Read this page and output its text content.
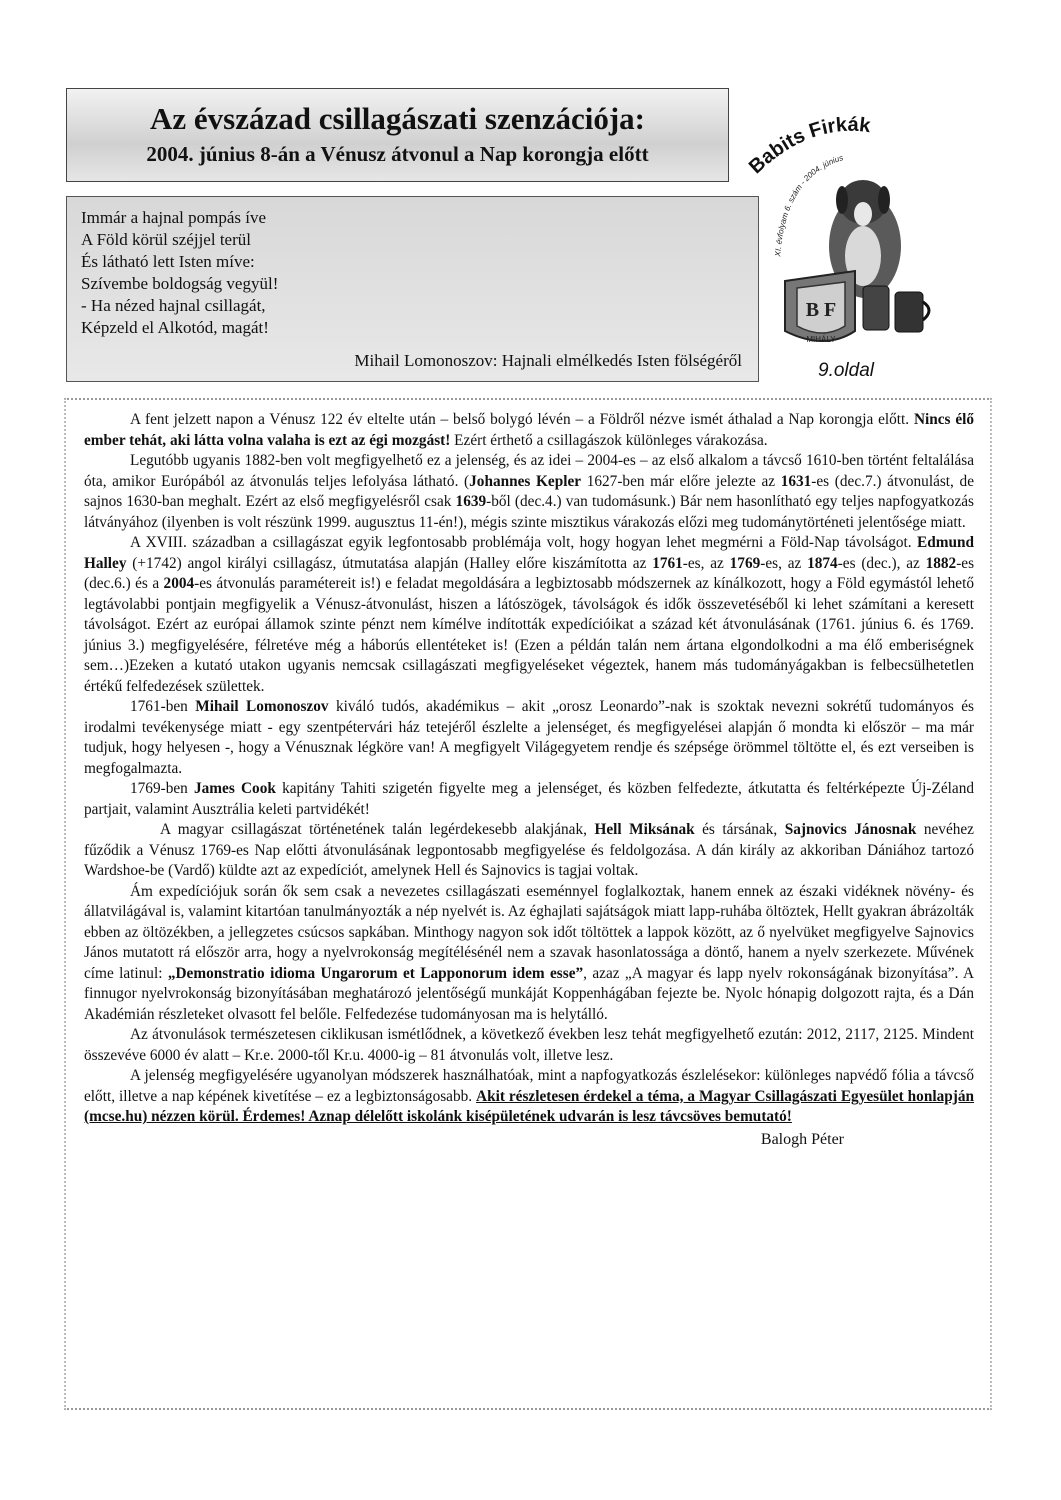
Az évszázad csillagászati szenzációja:
2004. június 8-án a Vénusz átvonul a Nap korongja előtt
Immár a hajnal pompás íve
A Föld körül széjjel terül
És látható lett Isten míve:
Szívembe boldogság vegyül!
- Ha nézed hajnal csillagát,
Képzeld el Alkotód, magát!
Mihail Lomonoszov: Hajnali elmélkedés Isten fölségéről
Babits Firkák
XI. évfolyam 6. szám - 2004. június
B F
MIHÁLY
9.oldal

A fent jelzett napon a Vénusz 122 év eltelte után – belső bolygó lévén – a Földről nézve ismét áthalad a Nap korongja előtt. Nincs élő ember tehát, aki látta volna valaha is ezt az égi mozgást! Ezért érthető a csillagászok különleges várakozása.

Legutóbb ugyanis 1882-ben volt megfigyelhető ez a jelenség, és az idei – 2004-es – az első alkalom a távcső 1610-ben történt feltalálása óta, amikor Európából az átvonulás teljes lefolyása látható. (Johannes Kepler 1627-ben már előre jelezte az 1631-es (dec.7.) átvonulást, de sajnos 1630-ban meghalt. Ezért az első megfigyelésről csak 1639-ből (dec.4.) van tudomásunk.) Bár nem hasonlítható egy teljes napfogyatkozás látványához (ilyenben is volt részünk 1999. augusztus 11-én!), mégis szinte misztikus várakozás előzi meg tudománytörténeti jelentősége miatt.

A XVIII. században a csillagászat egyik legfontosabb problémája volt, hogy hogyan lehet megmérni a Föld-Nap távolságot. Edmund Halley (+1742) angol királyi csillagász, útmutatása alapján (Halley előre kiszámította az 1761-es, az 1769-es, az 1874-es (dec.), az 1882-es (dec.6.) és a 2004-es átvonulás paramétereit is!) e feladat megoldására a legbiztosabb módszernek az kínálkozott, hogy a Föld egymástól lehető legtávolabbi pontjain megfigyelik a Vénusz-átvonulást, hiszen a látószögek, távolságok és idők összevetéséből ki lehet számítani a keresett távolságot. Ezért az európai államok szinte pénzt nem kímélve indították expedícióikat a század két átvonulásának (1761. június 6. és 1769. június 3.) megfigyelésére, félretéve még a háborús ellentéteket is! (Ezen a példán talán nem ártana elgondolkodni a ma élő emberiségnek sem…)Ezeken a kutató utakon ugyanis nemcsak csillagászati megfigyeléseket végeztek, hanem más tudományágakban is felbecsülhetetlen értékű felfedezések születtek.

1761-ben Mihail Lomonoszov kiváló tudós, akadémikus – akit „orosz Leonardo”-nak is szoktak nevezni sokrétű tudományos és irodalmi tevékenysége miatt - egy szentpétervári ház tetejéről észlelte a jelenséget, és megfigyelései alapján ő mondta ki először – ma már tudjuk, hogy helyesen -, hogy a Vénusznak légköre van! A megfigyelt Világegyetem rendje és szépsége örömmel töltötte el, és ezt verseiben is megfogalmazta.

1769-ben James Cook kapitány Tahiti szigetén figyelte meg a jelenséget, és közben felfedezte, átkutatta és feltérképezte Új-Zéland partjait, valamint Ausztrália keleti partvidékét!

A magyar csillagászat történetének talán legérdekesebb alakjának, Hell Miksának és társának, Sajnovics Jánosnak nevéhez fűződik a Vénusz 1769-es Nap előtti átvonulásának legpontosabb megfigyelése és feldolgozása. A dán király az akkoriban Dániához tartozó Wardshoe-be (Vardő) küldte azt az expedíciót, amelynek Hell és Sajnovics is tagjai voltak.

Ám expedíciójuk során ők sem csak a nevezetes csillagászati eseménnyel foglalkoztak, hanem ennek az északi vidéknek növény- és állatvilágával is, valamint kitartóan tanulmányozták a nép nyelvét is. Az éghajlati sajátságok miatt lapp-ruhába öltöztek, Hellt gyakran ábrázolták ebben az öltözékben, a jellegzetes csúcsos sapkában. Minthogy nagyon sok időt töltöttek a lappok között, az ő nyelvüket megfigyelve Sajnovics János mutatott rá először arra, hogy a nyelvrokonság megítélésénél nem a szavak hasonlatossága a döntő, hanem a nyelv szerkezete. Művének címe latinul: „Demonstratio idioma Ungarorum et Lapponorum idem esse”, azaz „A magyar és lapp nyelv rokonságának bizonyítása”. A finnugor nyelvrokonság bizonyításában meghatározó jelentőségű munkáját Koppenhágában fejezte be. Nyolc hónapig dolgozott rajta, és a Dán Akadémián részleteket olvasott fel belőle. Felfedezése tudományosan ma is helytálló.

Az átvonulások természetesen ciklikusan ismétlődnek, a következő években lesz tehát megfigyelhető ezután: 2012, 2117, 2125. Mindent összevéve 6000 év alatt – Kr.e. 2000-től Kr.u. 4000-ig – 81 átvonulás volt, illetve lesz.

A jelenség megfigyelésére ugyanolyan módszerek használhatóak, mint a napfogyatkozás észlelésekor: különleges napvédő fólia a távcső előtt, illetve a nap képének kivetítése – ez a legbiztonságosabb. Akit részletesen érdekel a téma, a Magyar Csillagászati Egyesület honlapján (mcse.hu) nézzen körül. Érdemes! Aznap délelőtt iskolánk kisépületének udvarán is lesz távcsöves bemutató!

Balogh Péter
